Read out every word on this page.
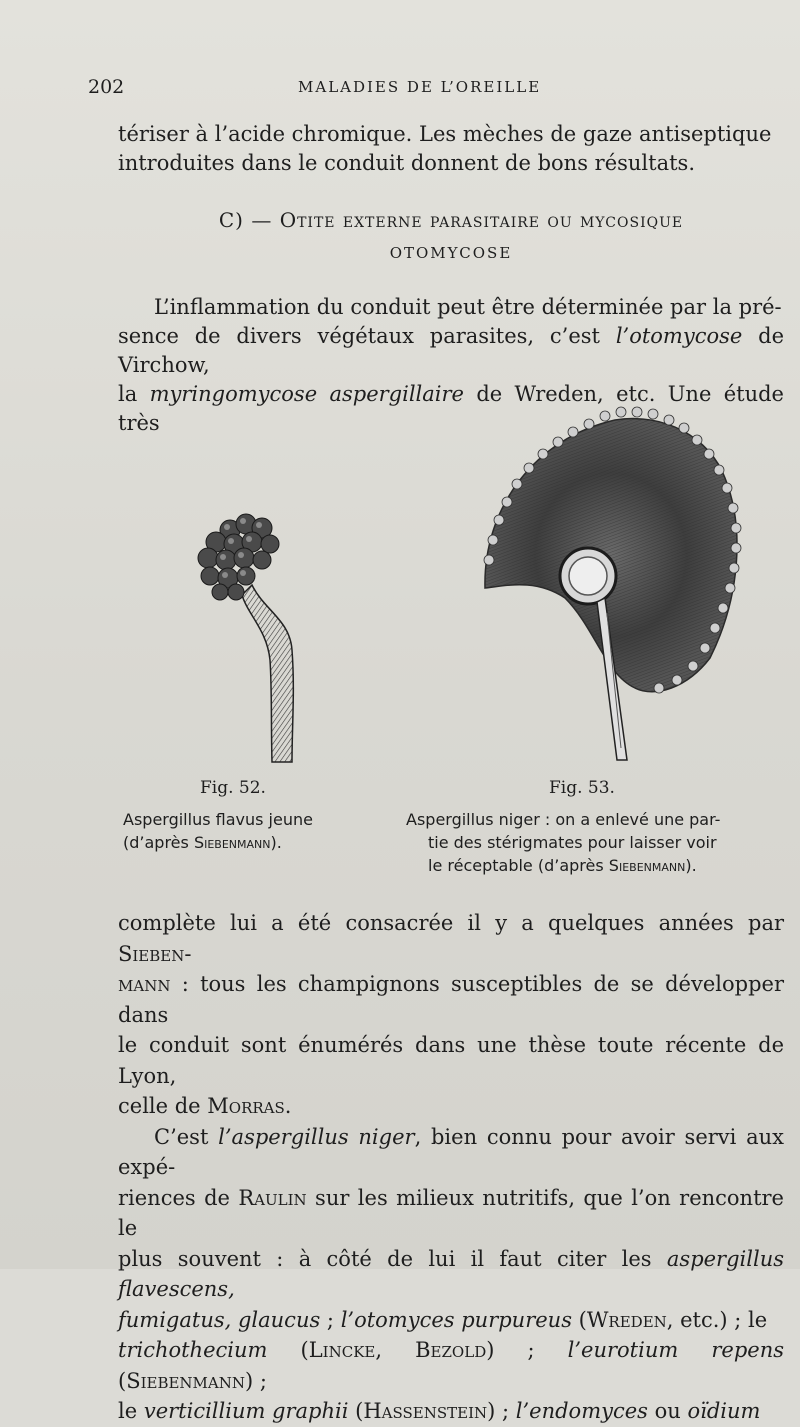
202	MALADIES DE L’OREILLE

tériser à l’acide chromique. Les mèches de gaze antiseptique

introduites dans le conduit donnent de bons résultats.

C) — Otite externe parasitaire ou mycosique
OTOMYCOSE

L’inflammation du conduit peut être déterminée par la pré-

sence de divers végétaux parasites, c’est l’otomycose de Virchow,

la myringomycose aspergillaire de Wreden, etc. Une étude très

Fig. 52.	Fig. 53.
Aspergillus flavus jeune
(d’après Siebenmann).
Aspergillus niger : on a enlevé une par-
tie des stérigmates pour laisser voir
le réceptable (d’après Siebenmann).

complète lui a été consacrée il y a quelques années par Sieben-

mann : tous les champignons susceptibles de se développer dans

le conduit sont énumérés dans une thèse toute récente de Lyon,

celle de Morras.

C’est l’aspergillus niger, bien connu pour avoir servi aux expé-

riences de Raulin sur les milieux nutritifs, que l’on rencontre le

plus souvent : à côté de lui il faut citer les aspergillus flavescens,

fumigatus, glaucus ; l’otomyces purpureus (Wreden, etc.) ; le

trichothecium (Lincke, Bezold) ; l’eurotium repens (Siebenmann) ;

le verticillium graphii (Hassenstein) ; l’endomyces ou oïdium
